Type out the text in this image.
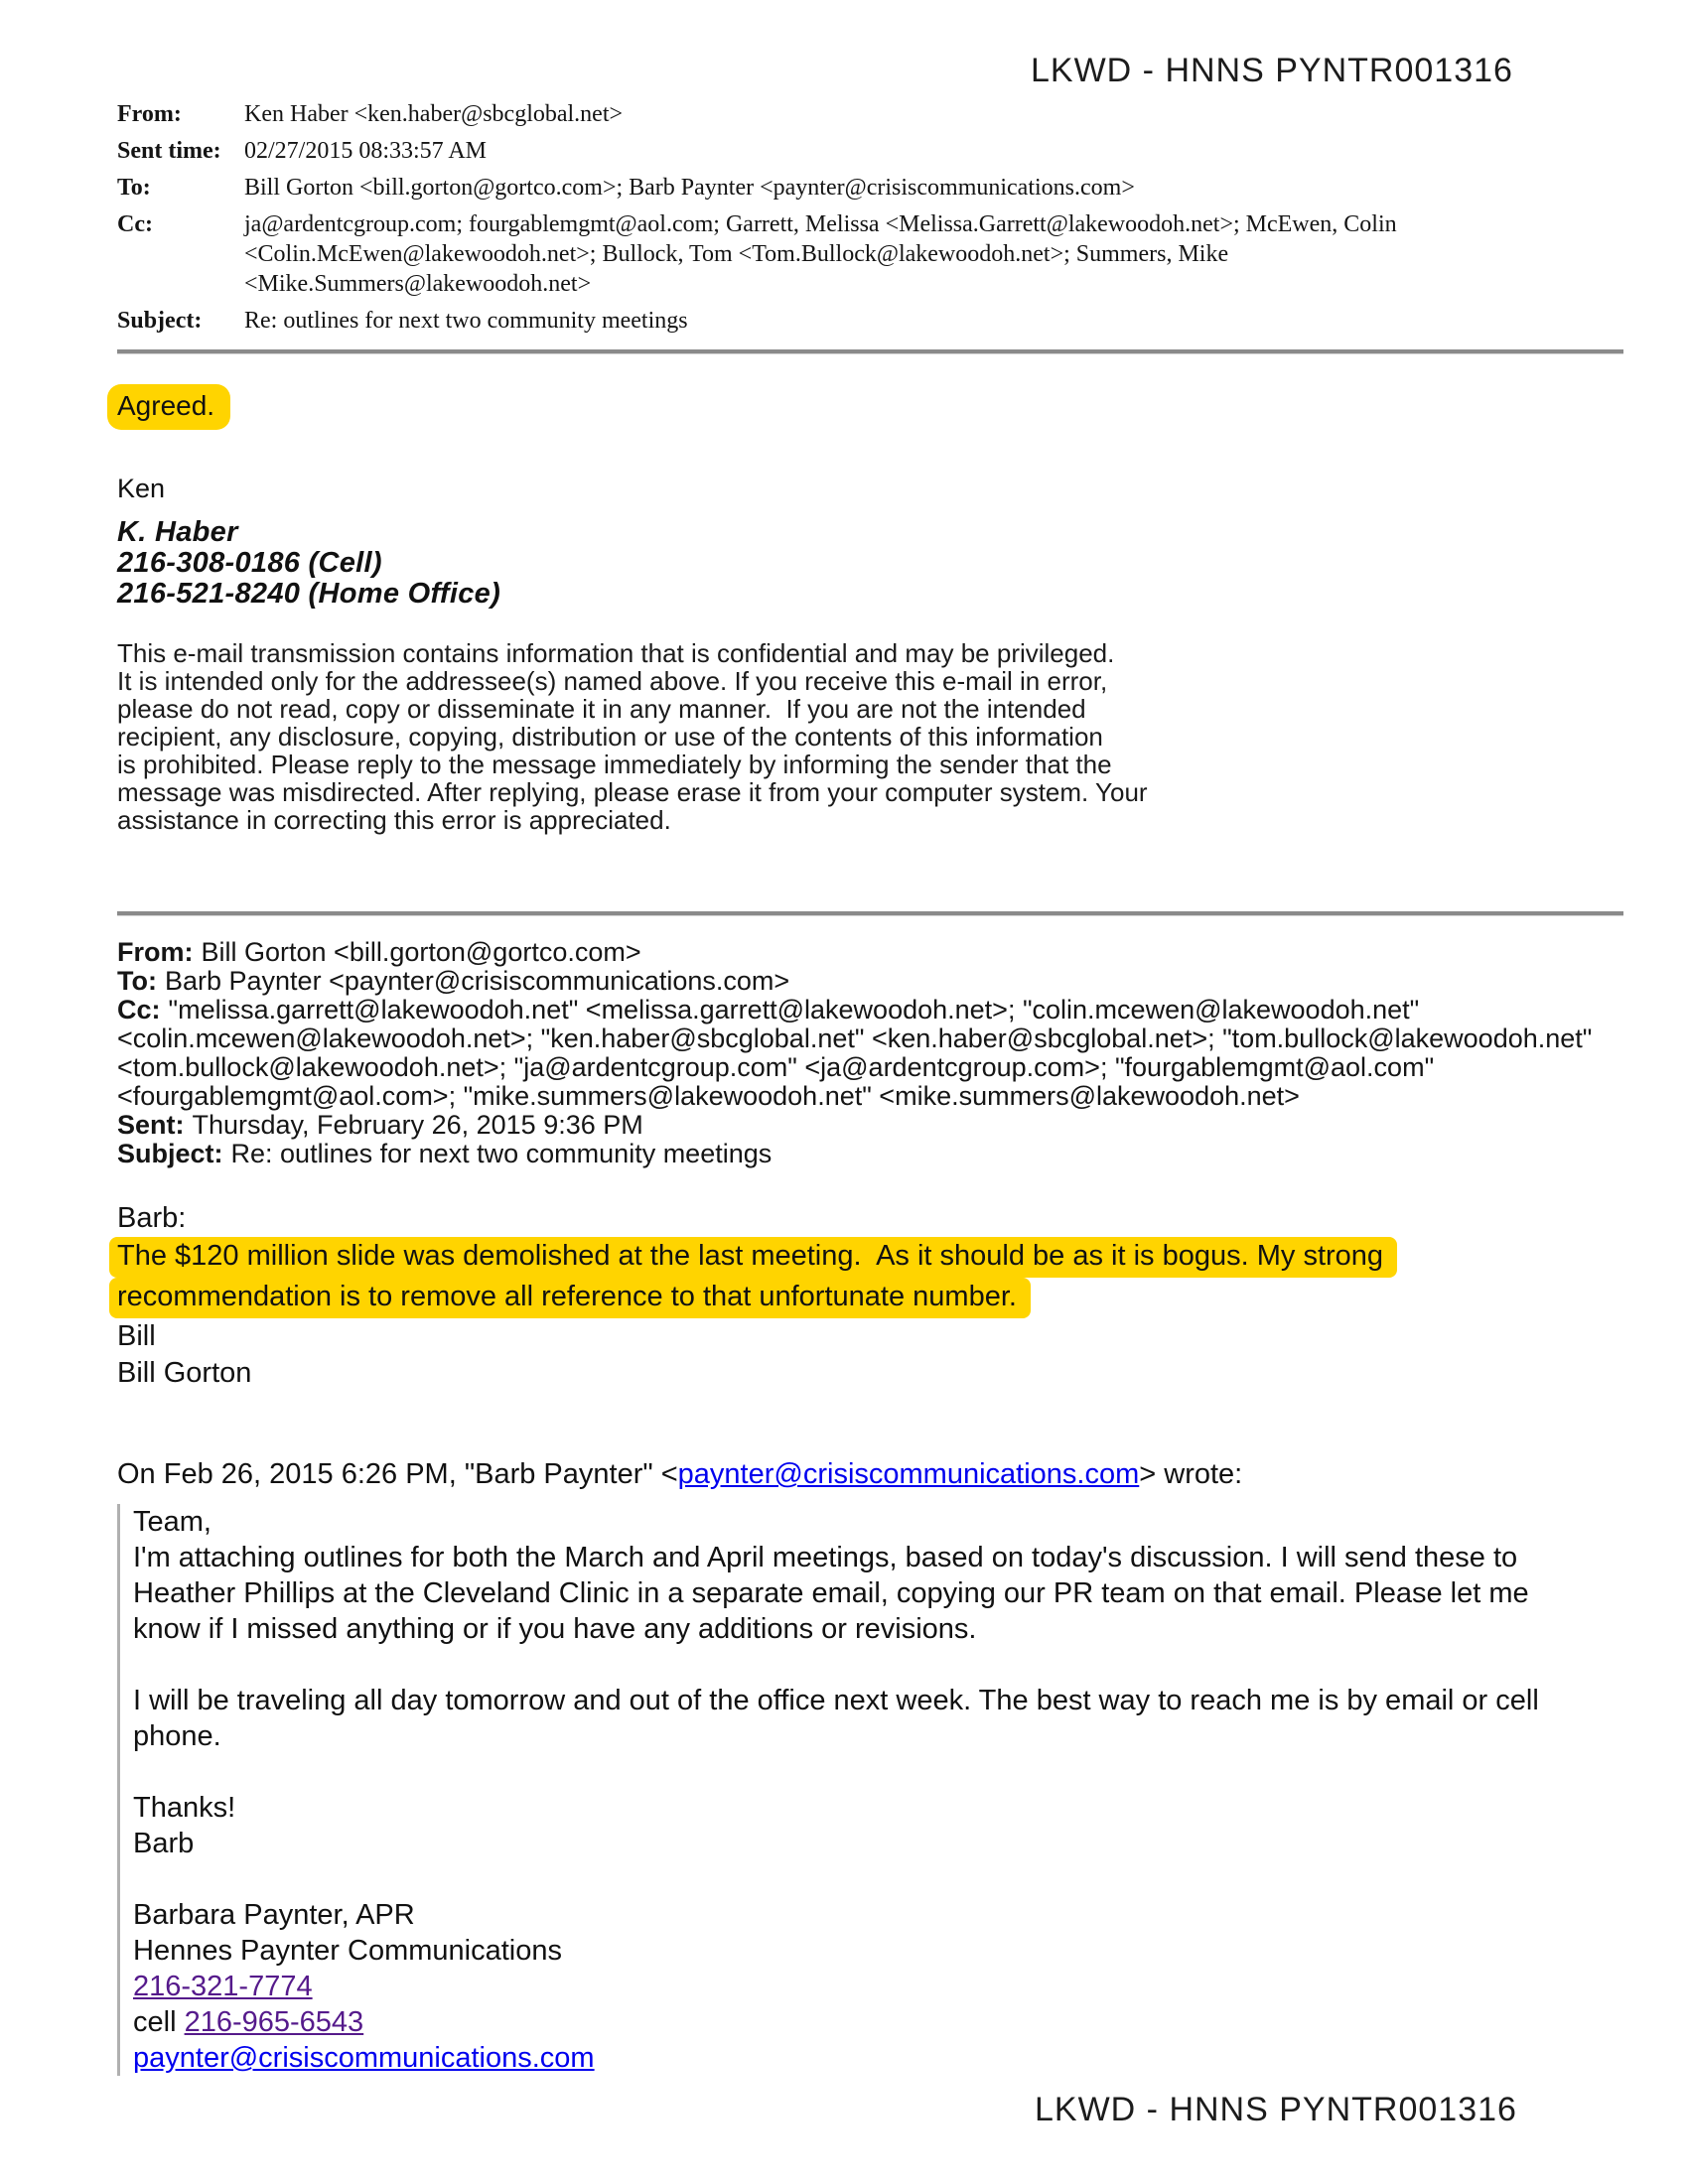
LKWD - HNNS PYNTR001316
From:	Ken Haber <ken.haber@sbcglobal.net>
Sent time: 02/27/2015 08:33:57 AM
To:	Bill Gorton <bill.gorton@gortco.com>; Barb Paynter <paynter@crisiscommunications.com>
Cc:	ja@ardentcgroup.com; fourgablemgmt@aol.com; Garrett, Melissa <Melissa.Garrett@lakewoodoh.net>; McEwen, Colin <Colin.McEwen@lakewoodoh.net>; Bullock, Tom <Tom.Bullock@lakewoodoh.net>; Summers, Mike <Mike.Summers@lakewoodoh.net>
Subject:	Re: outlines for next two community meetings
Agreed.
Ken
K. Haber
216-308-0186 (Cell)
216-521-8240 (Home Office)
This e-mail transmission contains information that is confidential and may be privileged.
It is intended only for the addressee(s) named above. If you receive this e-mail in error,
please do not read, copy or disseminate it in any manner.  If you are not the intended
recipient, any disclosure, copying, distribution or use of the contents of this information
is prohibited. Please reply to the message immediately by informing the sender that the
message was misdirected. After replying, please erase it from your computer system. Your
assistance in correcting this error is appreciated.
From: Bill Gorton <bill.gorton@gortco.com>
To: Barb Paynter <paynter@crisiscommunications.com>
Cc: "melissa.garrett@lakewoodoh.net" <melissa.garrett@lakewoodoh.net>; "colin.mcewen@lakewoodoh.net"
<colin.mcewen@lakewoodoh.net>; "ken.haber@sbcglobal.net" <ken.haber@sbcglobal.net>; "tom.bullock@lakewoodoh.net"
<tom.bullock@lakewoodoh.net>; "ja@ardentcgroup.com" <ja@ardentcgroup.com>; "fourgablemgmt@aol.com"
<fourgablemgmt@aol.com>; "mike.summers@lakewoodoh.net" <mike.summers@lakewoodoh.net>
Sent: Thursday, February 26, 2015 9:36 PM
Subject: Re: outlines for next two community meetings
Barb:
The $120 million slide was demolished at the last meeting.  As it should be as it is bogus. My strong
recommendation is to remove all reference to that unfortunate number.
Bill
Bill Gorton
On Feb 26, 2015 6:26 PM, "Barb Paynter" <paynter@crisiscommunications.com> wrote:
Team,
I'm attaching outlines for both the March and April meetings, based on today's discussion. I will send these to
Heather Phillips at the Cleveland Clinic in a separate email, copying our PR team on that email. Please let me
know if I missed anything or if you have any additions or revisions.
I will be traveling all day tomorrow and out of the office next week. The best way to reach me is by email or cell
phone.
Thanks!
Barb
Barbara Paynter, APR
Hennes Paynter Communications
216-321-7774
cell 216-965-6543
paynter@crisiscommunications.com
LKWD - HNNS PYNTR001316
